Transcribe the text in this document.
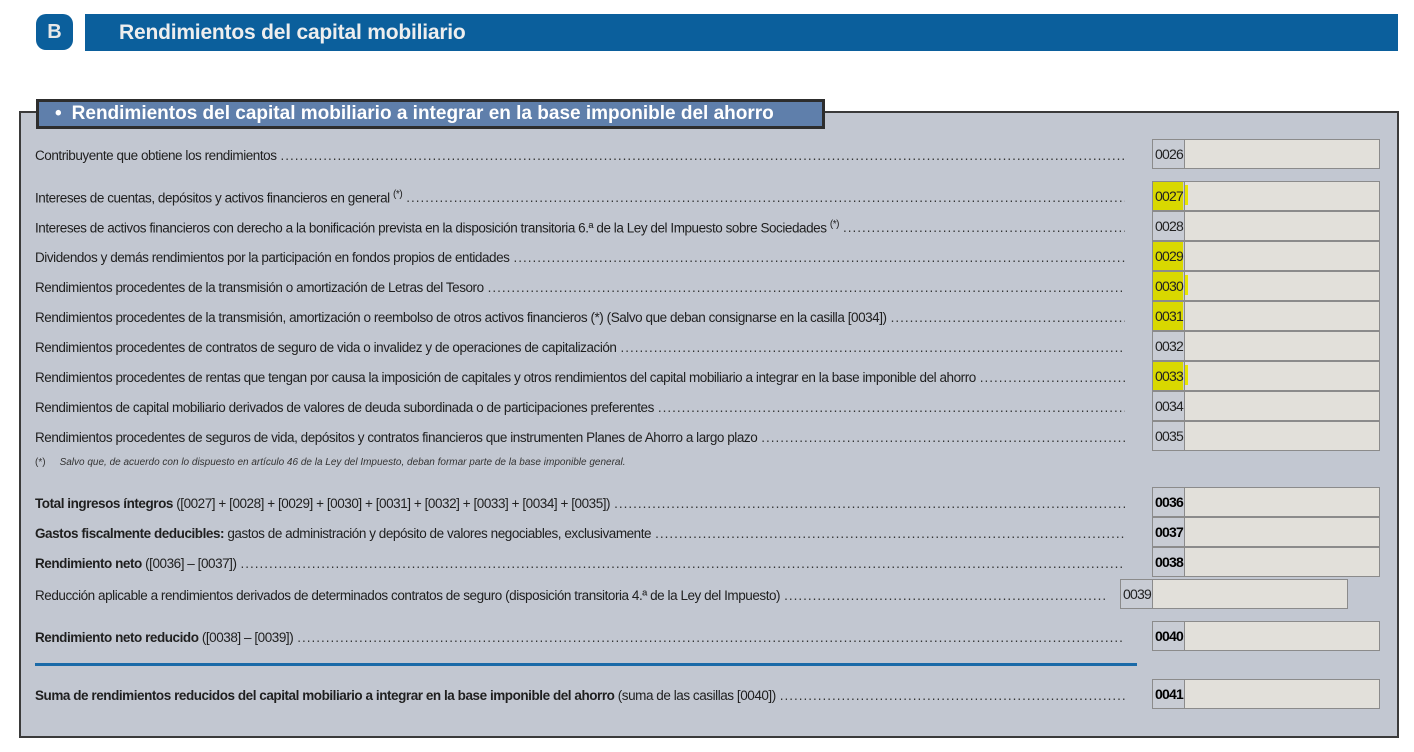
B	Rendimientos del capital mobiliario
• Rendimientos del capital mobiliario a integrar en la base imponible del ahorro
Contribuyente que obtiene los rendimientos .....	0026
Intereses de cuentas, depósitos y activos financieros en general (*) .....	0027
Intereses de activos financieros con derecho a la bonificación prevista en la disposición transitoria 6.ª de la Ley del Impuesto sobre Sociedades (*) .....	0028
Dividendos y demás rendimientos por la participación en fondos propios de entidades .....	0029
Rendimientos procedentes de la transmisión o amortización de Letras del Tesoro .....	0030
Rendimientos procedentes de la transmisión, amortización o reembolso de otros activos financieros (*) (Salvo que deban consignarse en la casilla [0034]) .....	0031
Rendimientos procedentes de contratos de seguro de vida o invalidez y de operaciones de capitalización .....	0032
Rendimientos procedentes de rentas que tengan por causa la imposición de capitales y otros rendimientos del capital mobiliario a integrar en la base imponible del ahorro .....	0033
Rendimientos de capital mobiliario derivados de valores de deuda subordinada o de participaciones preferentes .....	0034
Rendimientos procedentes de seguros de vida, depósitos y contratos financieros que instrumenten Planes de Ahorro a largo plazo .....	0035
(*) Salvo que, de acuerdo con lo dispuesto en artículo 46 de la Ley del Impuesto, deban formar parte de la base imponible general.
Total ingresos íntegros ([0027] + [0028] + [0029] + [0030] + [0031] + [0032] + [0033] + [0034] + [0035]) .....	0036
Gastos fiscalmente deducibles: gastos de administración y depósito de valores negociables, exclusivamente .....	0037
Rendimiento neto ([0036] – [0037]) .....	0038
Reducción aplicable a rendimientos derivados de determinados contratos de seguro (disposición transitoria 4.ª de la Ley del Impuesto) .....	0039
Rendimiento neto reducido ([0038] – [0039]) .....	0040
Suma de rendimientos reducidos del capital mobiliario a integrar en la base imponible del ahorro (suma de las casillas [0040]) .....	0041
